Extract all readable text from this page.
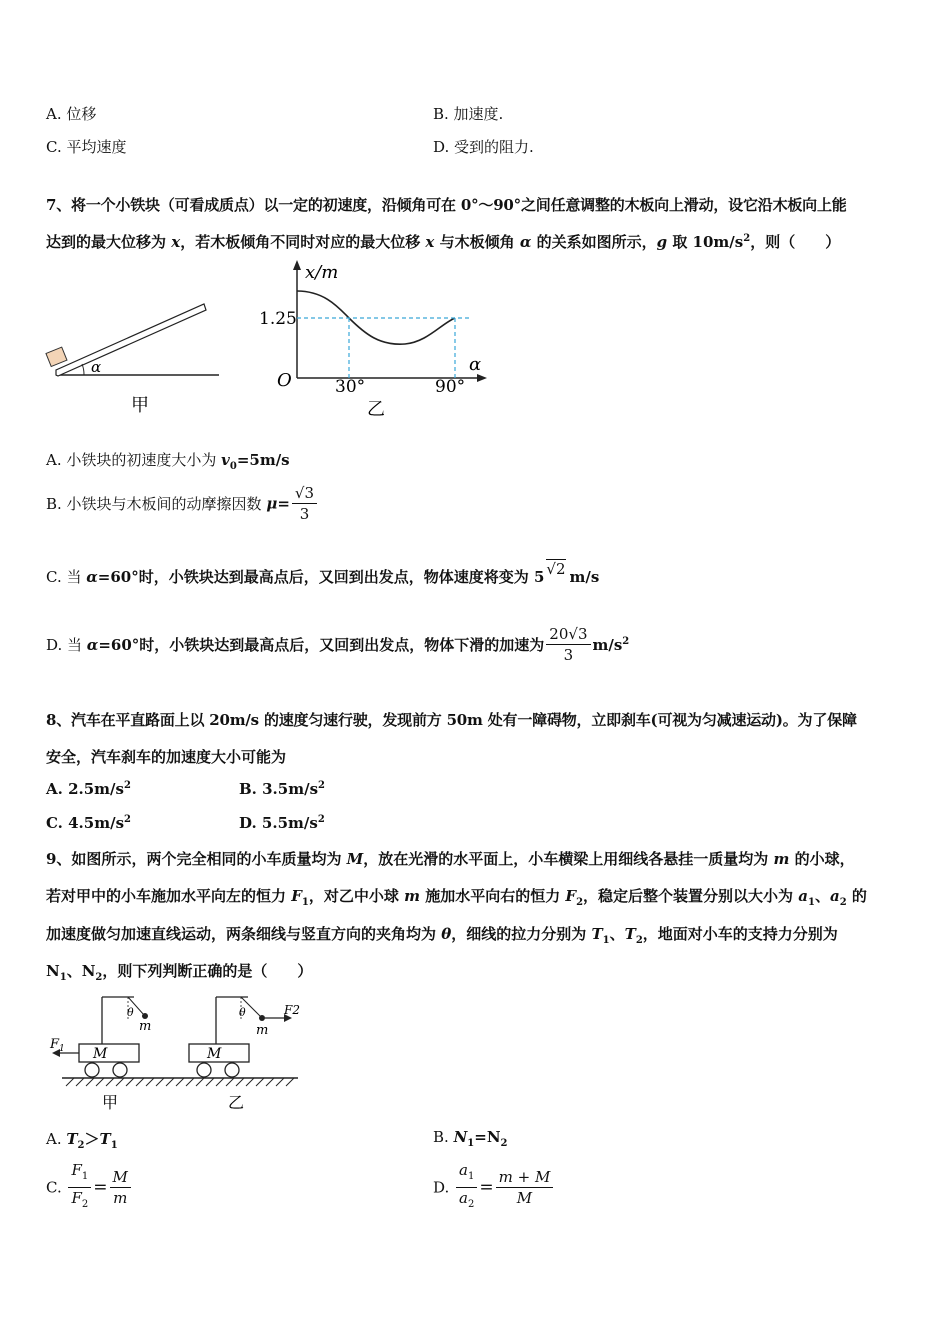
A. 位移	B. 加速度.
C. 平均速度	D. 受到的阻力.
7、将一个小铁块（可看成质点）以一定的初速度，沿倾角可在 0°～90°之间任意调整的木板向上滑动，设它沿木板向上能
达到的最大位移为 x，若木板倾角不同时对应的最大位移 x 与木板倾角 α 的关系如图所示，g 取 $10m/s^2$，则（　　）
α
甲
x/m
1.25
O	30°	90°
α
乙
A. 小铁块的初速度大小为 $v_0=5m/s$
B. 小铁块与木板间的动摩擦因数 $\mu= \frac{√3}{3}$
C. 当 α=60°时，小铁块达到最高点后，又回到出发点，物体速度将变为 5 √2 m/s
D. 当 α=60°时，小铁块达到最高点后，又回到出发点，物体下滑的加速为 $\frac{20√3}{3} m/s^2$
8、汽车在平直路面上以 20m/s 的速度匀速行驶，发现前方 50m 处有一障碍物，立即刹车(可视为匀减速运动)。为了保障
安全，汽车刹车的加速度大小可能为
A. $2.5m/s^2$	B. $3.5m/s^2$
C. $4.5m/s^2$	D. $5.5m/s^2$
9、如图所示，两个完全相同的小车质量均为 M，放在光滑的水平面上，小车横梁上用细线各悬挂一质量均为 m 的小球，
若对甲中的小车施加水平向左的恒力 $F_1$，对乙中小球 m 施加水平向右的恒力 $F_2$，稳定后整个装置分别以大小为 $a_1$、$a_2$ 的
加速度做匀加速直线运动，两条细线与竖直方向的夹角均为 θ，细线的拉力分别为 $T_1$、$T_2$，地面对小车的支持力分别为
$N_1$、$N_2$，则下列判断正确的是（　　）
θ
m
M
$F_1$
甲
θ
m
F2
M
乙
A. $T_2>T_1$	B. $N_1=N_2$
C. $\frac{F_1}{F_2} = \frac{M}{m}$	D. $\frac{a_1}{a_2} = \frac{m + M}{M}$
